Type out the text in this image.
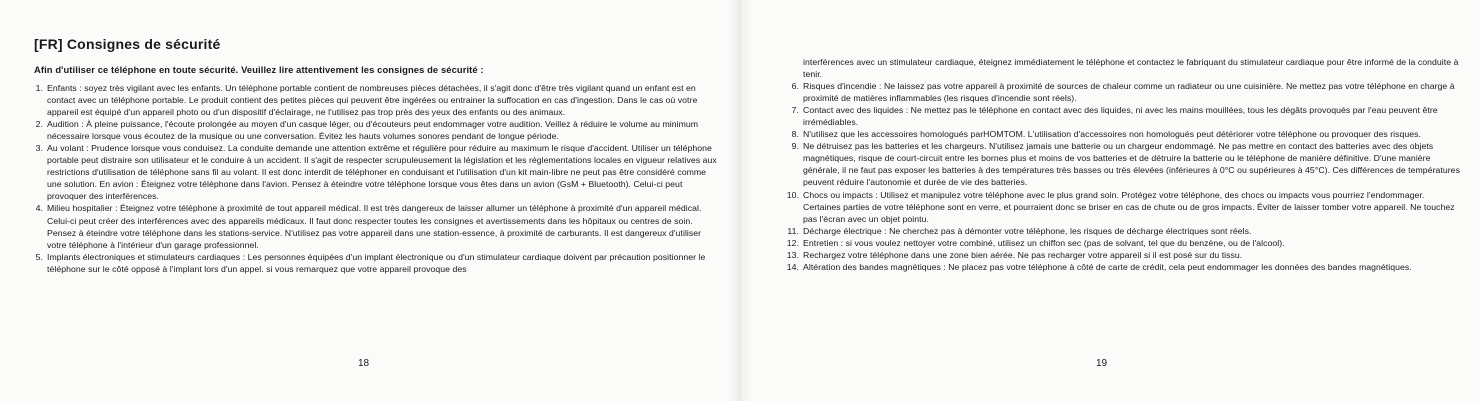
[FR] Consignes de sécurité
Afin d'utiliser ce téléphone en toute sécurité. Veuillez lire attentivement les consignes de sécurité :
1. Enfants : soyez très vigilant avec les enfants. Un téléphone portable contient de nombreuses pièces détachées, il s'agit donc d'être très vigilant quand un enfant est en contact avec un téléphone portable. Le produit contient des petites pièces qui peuvent être ingérées ou entrainer la suffocation en cas d'ingestion. Dans le cas où votre appareil est équipé d'un appareil photo ou d'un dispositif d'éclairage, ne l'utilisez pas trop près des yeux des enfants ou des animaux.
2. Audition : À pleine puissance, l'écoute prolongée au moyen d'un casque léger, ou d'écouteurs peut endommager votre audition. Veillez à réduire le volume au minimum nécessaire lorsque vous écoutez de la musique ou une conversation. Évitez les hauts volumes sonores pendant de longue période.
3. Au volant : Prudence lorsque vous conduisez. La conduite demande une attention extrême et régulière pour réduire au maximum le risque d'accident. Utiliser un téléphone portable peut distraire son utilisateur et le conduire à un accident. Il s'agit de respecter scrupuleusement la législation et les réglementations locales en vigueur relatives aux restrictions d'utilisation de téléphone sans fil au volant. Il est donc interdit de téléphoner en conduisant et l'utilisation d'un kit main-libre ne peut pas être considéré comme une solution. En avion : Éteignez votre téléphone dans l'avion. Pensez à éteindre votre téléphone lorsque vous êtes dans un avion (GsM + Bluetooth). Celui-ci peut provoquer des interférences.
4. Milieu hospitalier : Éteignez votre téléphone à proximité de tout appareil médical. Il est très dangereux de laisser allumer un téléphone à proximité d'un appareil médical. Celui-ci peut créer des interférences avec des appareils médicaux. Il faut donc respecter toutes les consignes et avertissements dans les hôpitaux ou centres de soin. Pensez à éteindre votre téléphone dans les stations-service. N'utilisez pas votre appareil dans une station-essence, à proximité de carburants. Il est dangereux d'utiliser votre téléphone à l'intérieur d'un garage professionnel.
5. Implants électroniques et stimulateurs cardiaques : Les personnes équipées d'un implant électronique ou d'un stimulateur cardiaque doivent par précaution positionner le téléphone sur le côté opposé à l'implant lors d'un appel. si vous remarquez que votre appareil provoque des
18
interférences avec un stimulateur cardiaque, éteignez immédiatement le téléphone et contactez le fabriquant du stimulateur cardiaque pour être informé de la conduite à tenir.
6. Risques d'incendie : Ne laissez pas votre appareil à proximité de sources de chaleur comme un radiateur ou une cuisinière. Ne mettez pas votre téléphone en charge à proximité de matières inflammables (les risques d'incendie sont réels).
7. Contact avec des liquides : Ne mettez pas le téléphone en contact avec des liquides, ni avec les mains mouillées, tous les dégâts provoqués par l'eau peuvent être irrémédiables.
8. N'utilisez que les accessoires homologués parHOMTOM. L'utilisation d'accessoires non homologués peut détériorer votre téléphone ou provoquer des risques.
9. Ne détruisez pas les batteries et les chargeurs. N'utilisez jamais une batterie ou un chargeur endommagé. Ne pas mettre en contact des batteries avec des objets magnétiques, risque de court-circuit entre les bornes plus et moins de vos batteries et de détruire la batterie ou le téléphone de manière définitive. D'une manière générale, il ne faut pas exposer les batteries à des températures très basses ou très élevées (inférieures à 0°C ou supérieures à 45°C). Ces différences de températures peuvent réduire l'autonomie et durée de vie des batteries.
10. Chocs ou impacts : Utilisez et manipulez votre téléphone avec le plus grand soin. Protégez votre téléphone, des chocs ou impacts vous pourriez l'endommager. Certaines parties de votre téléphone sont en verre, et pourraient donc se briser en cas de chute ou de gros impacts. Éviter de laisser tomber votre appareil. Ne touchez pas l'écran avec un objet pointu.
11. Décharge électrique : Ne cherchez pas à démonter votre téléphone, les risques de décharge électriques sont réels.
12. Entretien : si vous voulez nettoyer votre combiné, utilisez un chiffon sec (pas de solvant, tel que du benzène, ou de l'alcool).
13. Rechargez votre téléphone dans une zone bien aérée. Ne pas recharger votre appareil si il est posé sur du tissu.
14. Altération des bandes magnétiques : Ne placez pas votre téléphone à côté de carte de crédit, cela peut endommager les données des bandes magnétiques.
19
